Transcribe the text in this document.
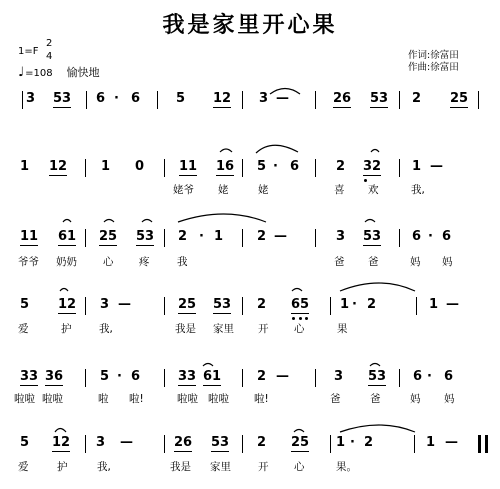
我是家里开心果
1=F
2
4
♩=108 愉快地
作词:徐富田
作曲:徐富田
3 53 6 · 6	5 12 3 —	26 53 2 25
1 12	1 0	11 16 5 · 6	2 32 1 —
11 61 25 53 2 · 1	2 —	3 53 6 · 6
5 12 3 —	25 53 2 65 1 · 2	1 —
33 36	5 · 6	33 61	2 —	3 53 6 · 6
5 12 3 —	26 53 2 25 1 · 2	1 —
姥爷 姥	姥	喜 欢	我,
爷爷 奶奶 心 疼	我	爸 爸	妈 妈
爱	护	我,	我是 家里 开 心	果
啦啦 啦啦	啦 啦!	啦啦 啦啦 啦!	爸	爸	妈 妈
爱	护	我,	我是 家里	开 心	果。
